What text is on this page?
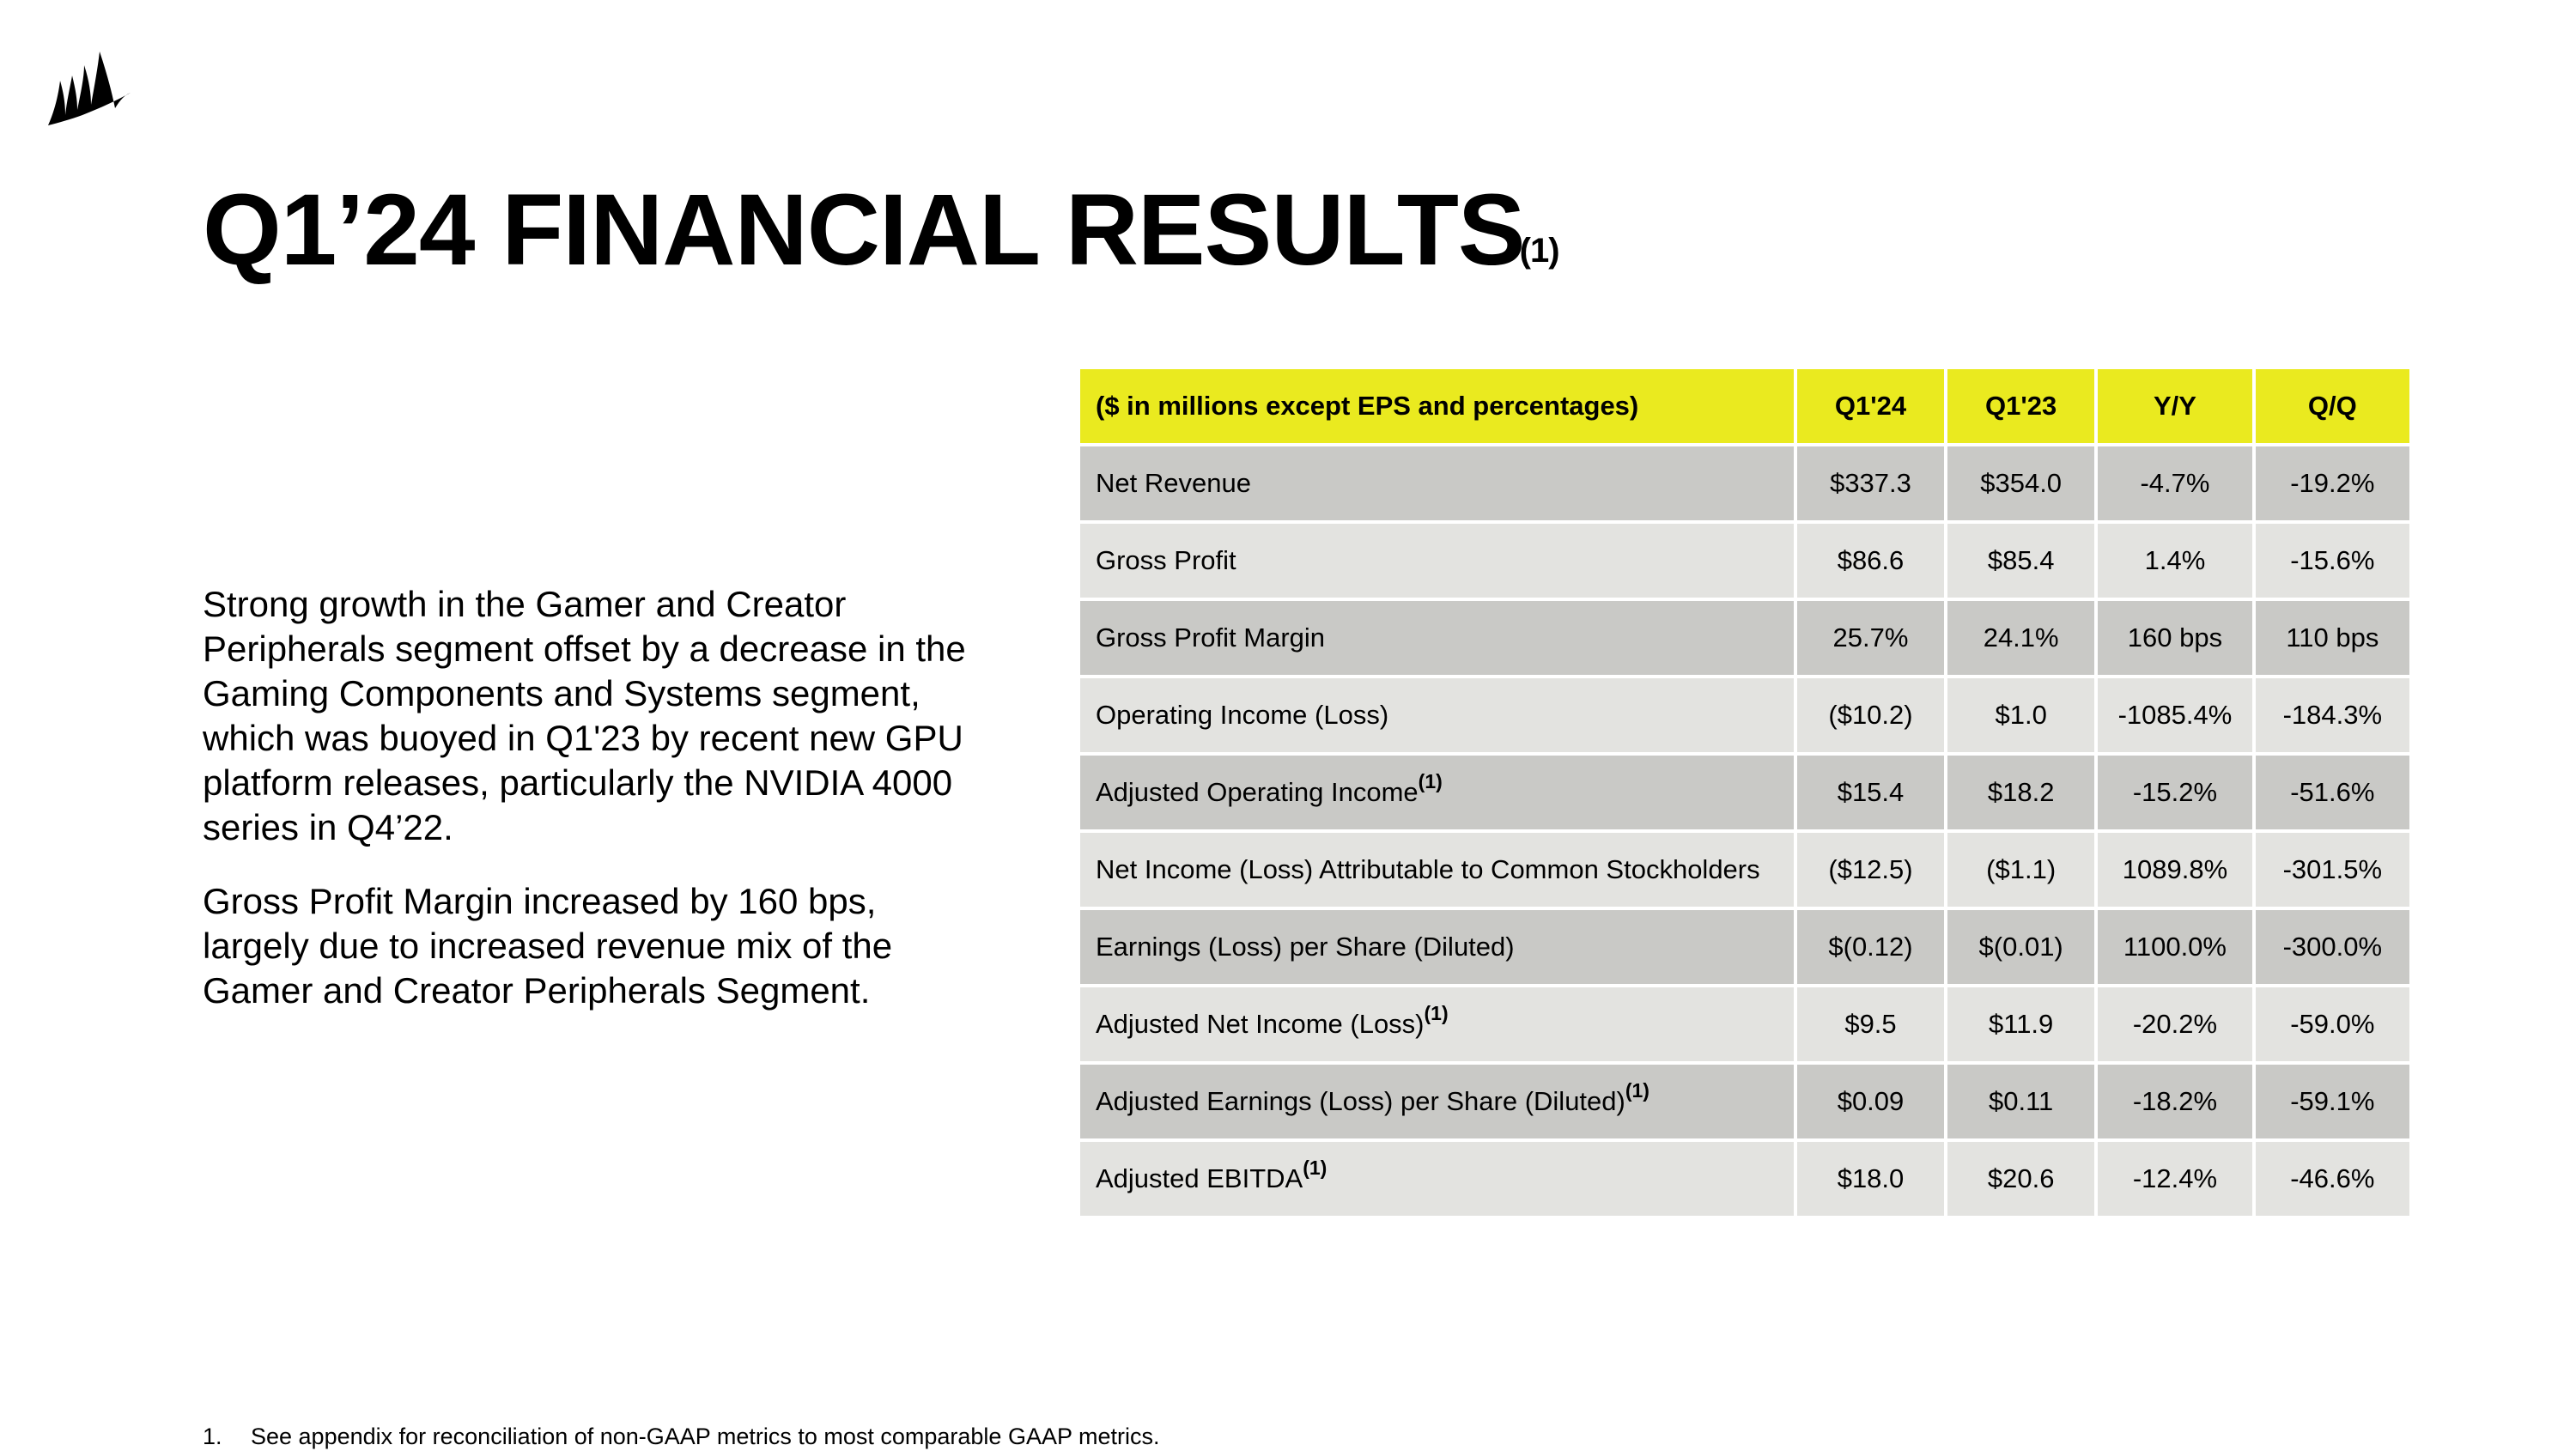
Q1’24 FINANCIAL RESULTS$^{(1)}$

Strong growth in the Gamer and Creator Peripherals segment offset by a decrease in the Gaming Components and Systems segment, which was buoyed in Q1'23 by recent new GPU platform releases, particularly the NVIDIA 4000 series in Q4’22.

Gross Profit Margin increased by 160 bps, largely due to increased revenue mix of the Gamer and Creator Peripherals Segment.

($ in millions except EPS and percentages)	Q1'24	Q1'23	Y/Y	Q/Q
Net Revenue	$337.3	$354.0	-4.7%	-19.2%
Gross Profit	$86.6	$85.4	1.4%	-15.6%
Gross Profit Margin	25.7%	24.1%	160 bps	110 bps
Operating Income (Loss)	($10.2)	$1.0	-1085.4%	-184.3%
Adjusted Operating Income$^{(1)}$	$15.4	$18.2	-15.2%	-51.6%
Net Income (Loss) Attributable to Common Stockholders	($12.5)	($1.1)	1089.8%	-301.5%
Earnings (Loss) per Share (Diluted)	$(0.12)	$(0.01)	1100.0%	-300.0%
Adjusted Net Income (Loss)$^{(1)}$	$9.5	$11.9	-20.2%	-59.0%
Adjusted Earnings (Loss) per Share (Diluted)$^{(1)}$	$0.09	$0.11	-18.2%	-59.1%
Adjusted EBITDA$^{(1)}$	$18.0	$20.6	-12.4%	-46.6%
1. See appendix for reconciliation of non-GAAP metrics to most comparable GAAP metrics.
